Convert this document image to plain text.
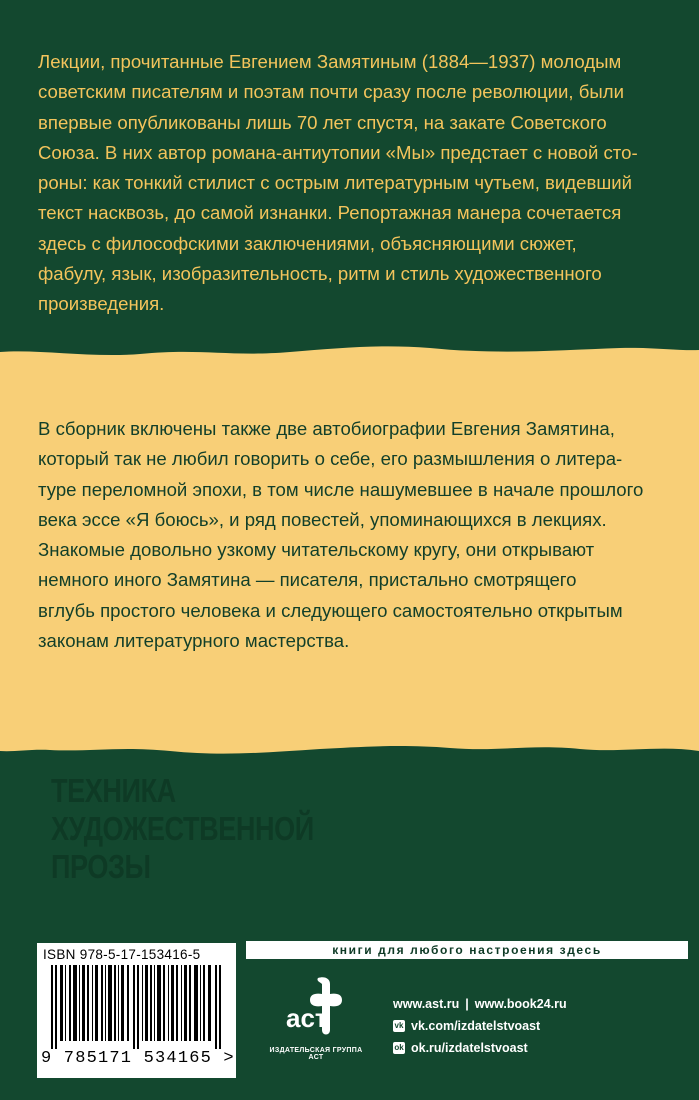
Лекции, прочитанные Евгением Замятиным (1884—1937) молодым
советским писателям и поэтам почти сразу после революции, были
впервые опубликованы лишь 70 лет спустя, на закате Советского
Союза. В них автор романа-антиутопии «Мы» предстает с новой сто-
роны: как тонкий стилист с острым литературным чутьем, видевший
текст насквозь, до самой изнанки. Репортажная манера сочетается
здесь с философскими заключениями, объясняющими сюжет,
фабулу, язык, изобразительность, ритм и стиль художественного
произведения.
В сборник включены также две автобиографии Евгения Замятина,
который так не любил говорить о себе, его размышления о литера-
туре переломной эпохи, в том числе нашумевшее в начале прошлого
века эссе «Я боюсь», и ряд повестей, упоминающихся в лекциях.
Знакомые довольно узкому читательскому кругу, они открывают
немного иного Замятина — писателя, пристально смотрящего
вглубь простого человека и следующего самостоятельно открытым
законам литературного мастерства.
ТЕХНИКА
ХУДОЖЕСТВЕННОЙ
ПРОЗЫ
ISBN 978-5-17-153416-5
9 785171 534165 >
книги для любого настроения здесь
аст
ИЗДАТЕЛЬСКАЯ ГРУППА АСТ
www.ast.ru | www.book24.ru
vk vk.com/izdatelstvoast
ok ok.ru/izdatelstvoast
